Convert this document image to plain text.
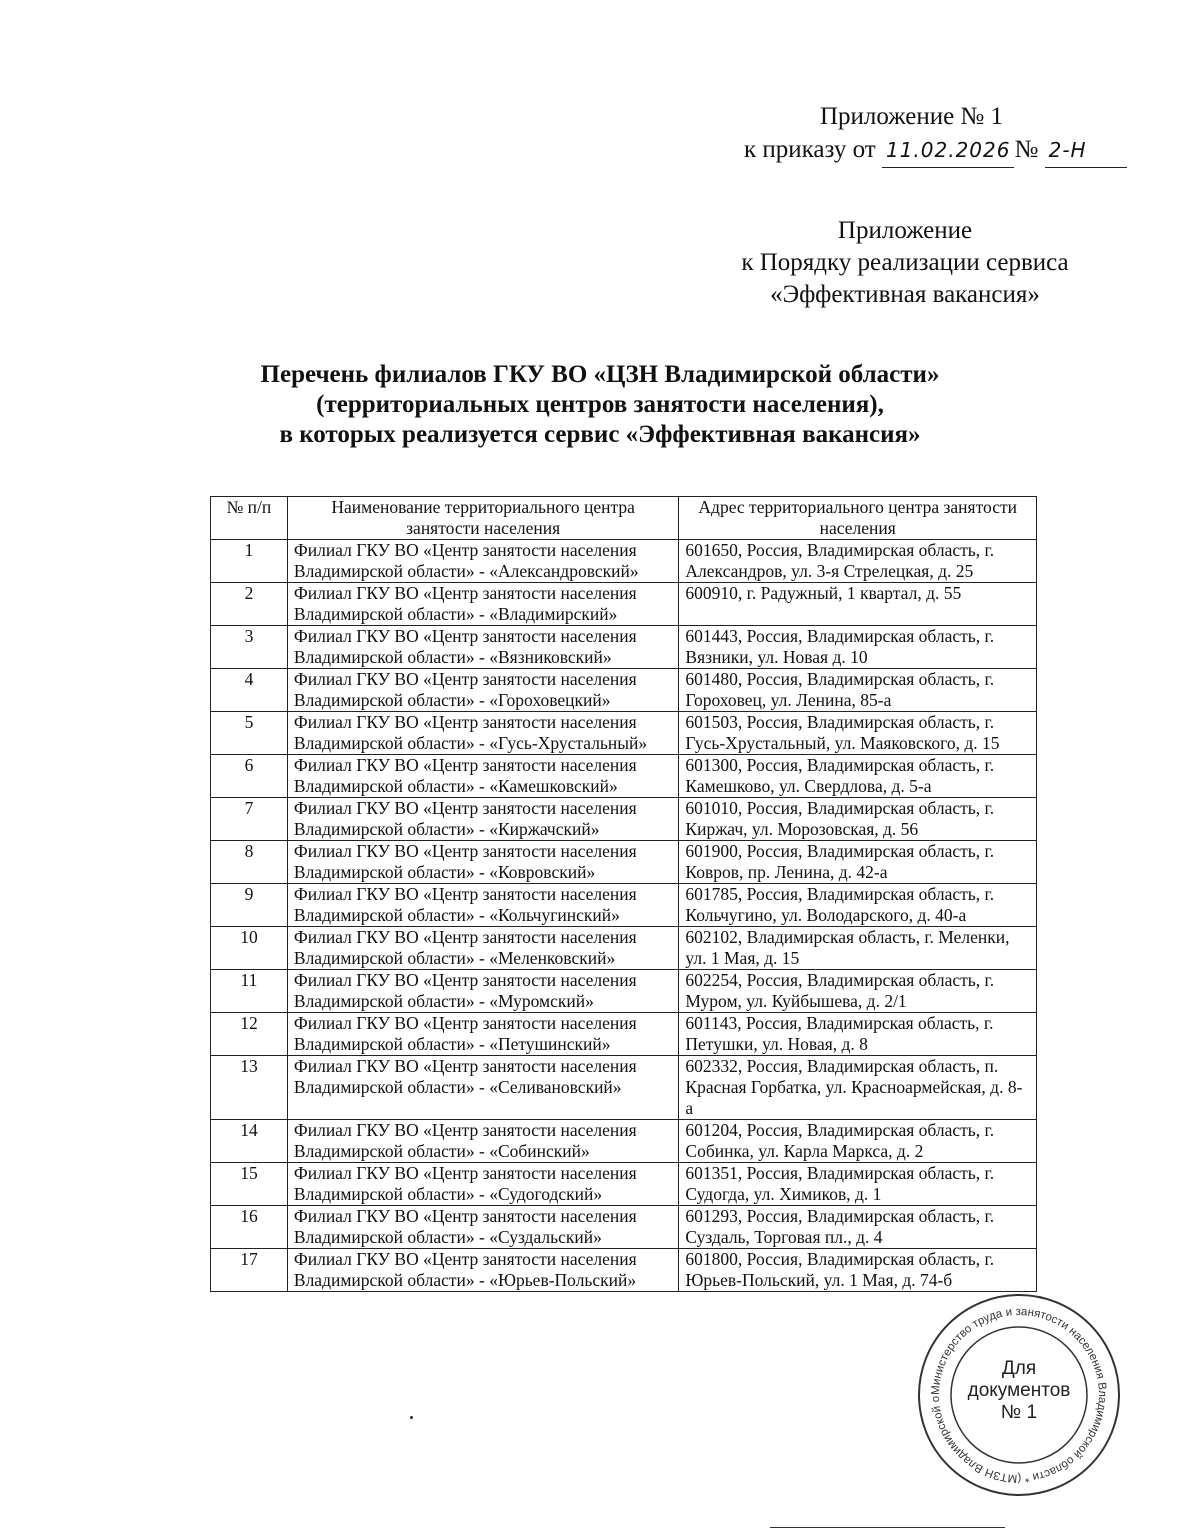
Приложение № 1
к приказу от 11.02.2026 № 2-Н
Приложение
к Порядку реализации сервиса
«Эффективная вакансия»
Перечень филиалов ГКУ ВО «ЦЗН Владимирской области»
(территориальных центров занятости населения),
в которых реализуется сервис «Эффективная вакансия»
№ п/п	Наименование территориального центра занятости населения	Адрес территориального центра занятости населения
1	Филиал ГКУ ВО «Центр занятости населения Владимирской области» - «Александровский»	601650, Россия, Владимирская область, г. Александров, ул. 3-я Стрелецкая, д. 25
2	Филиал ГКУ ВО «Центр занятости населения Владимирской области» - «Владимирский»	600910, г. Радужный, 1 квартал, д. 55
3	Филиал ГКУ ВО «Центр занятости населения Владимирской области» - «Вязниковский»	601443, Россия, Владимирская область, г. Вязники, ул. Новая д. 10
4	Филиал ГКУ ВО «Центр занятости населения Владимирской области» - «Гороховецкий»	601480, Россия, Владимирская область, г. Гороховец, ул. Ленина, 85-а
5	Филиал ГКУ ВО «Центр занятости населения Владимирской области» - «Гусь-Хрустальный»	601503, Россия, Владимирская область, г. Гусь-Хрустальный, ул. Маяковского, д. 15
6	Филиал ГКУ ВО «Центр занятости населения Владимирской области» - «Камешковский»	601300, Россия, Владимирская область, г. Камешково, ул. Свердлова, д. 5-а
7	Филиал ГКУ ВО «Центр занятости населения Владимирской области» - «Киржачский»	601010, Россия, Владимирская область, г. Киржач, ул. Морозовская, д. 56
8	Филиал ГКУ ВО «Центр занятости населения Владимирской области» - «Ковровский»	601900, Россия, Владимирская область, г. Ковров, пр. Ленина, д. 42-а
9	Филиал ГКУ ВО «Центр занятости населения Владимирской области» - «Кольчугинский»	601785, Россия, Владимирская область, г. Кольчугино, ул. Володарского, д. 40-а
10	Филиал ГКУ ВО «Центр занятости населения Владимирской области» - «Меленковский»	602102, Владимирская область, г. Меленки, ул. 1 Мая, д. 15
11	Филиал ГКУ ВО «Центр занятости населения Владимирской области» - «Муромский»	602254, Россия, Владимирская область, г. Муром, ул. Куйбышева, д. 2/1
12	Филиал ГКУ ВО «Центр занятости населения Владимирской области» - «Петушинский»	601143, Россия, Владимирская область, г. Петушки, ул. Новая, д. 8
13	Филиал ГКУ ВО «Центр занятости населения Владимирской области» - «Селивановский»	602332, Россия, Владимирская область, п. Красная Горбатка, ул. Красноармейская, д. 8-а
14	Филиал ГКУ ВО «Центр занятости населения Владимирской области» - «Собинский»	601204, Россия, Владимирская область, г. Собинка, ул. Карла Маркса, д. 2
15	Филиал ГКУ ВО «Центр занятости населения Владимирской области» - «Судогодский»	601351, Россия, Владимирская область, г. Судогда, ул. Химиков, д. 1
16	Филиал ГКУ ВО «Центр занятости населения Владимирской области» - «Суздальский»	601293, Россия, Владимирская область, г. Суздаль, Торговая пл., д. 4
17	Филиал ГКУ ВО «Центр занятости населения Владимирской области» - «Юрьев-Польский»	601800, Россия, Владимирская область, г. Юрьев-Польский, ул. 1 Мая, д. 74-б
Министерство труда и занятости населения Владимирской области * (МТЗН Владимирской о
Для
документов
№ 1
